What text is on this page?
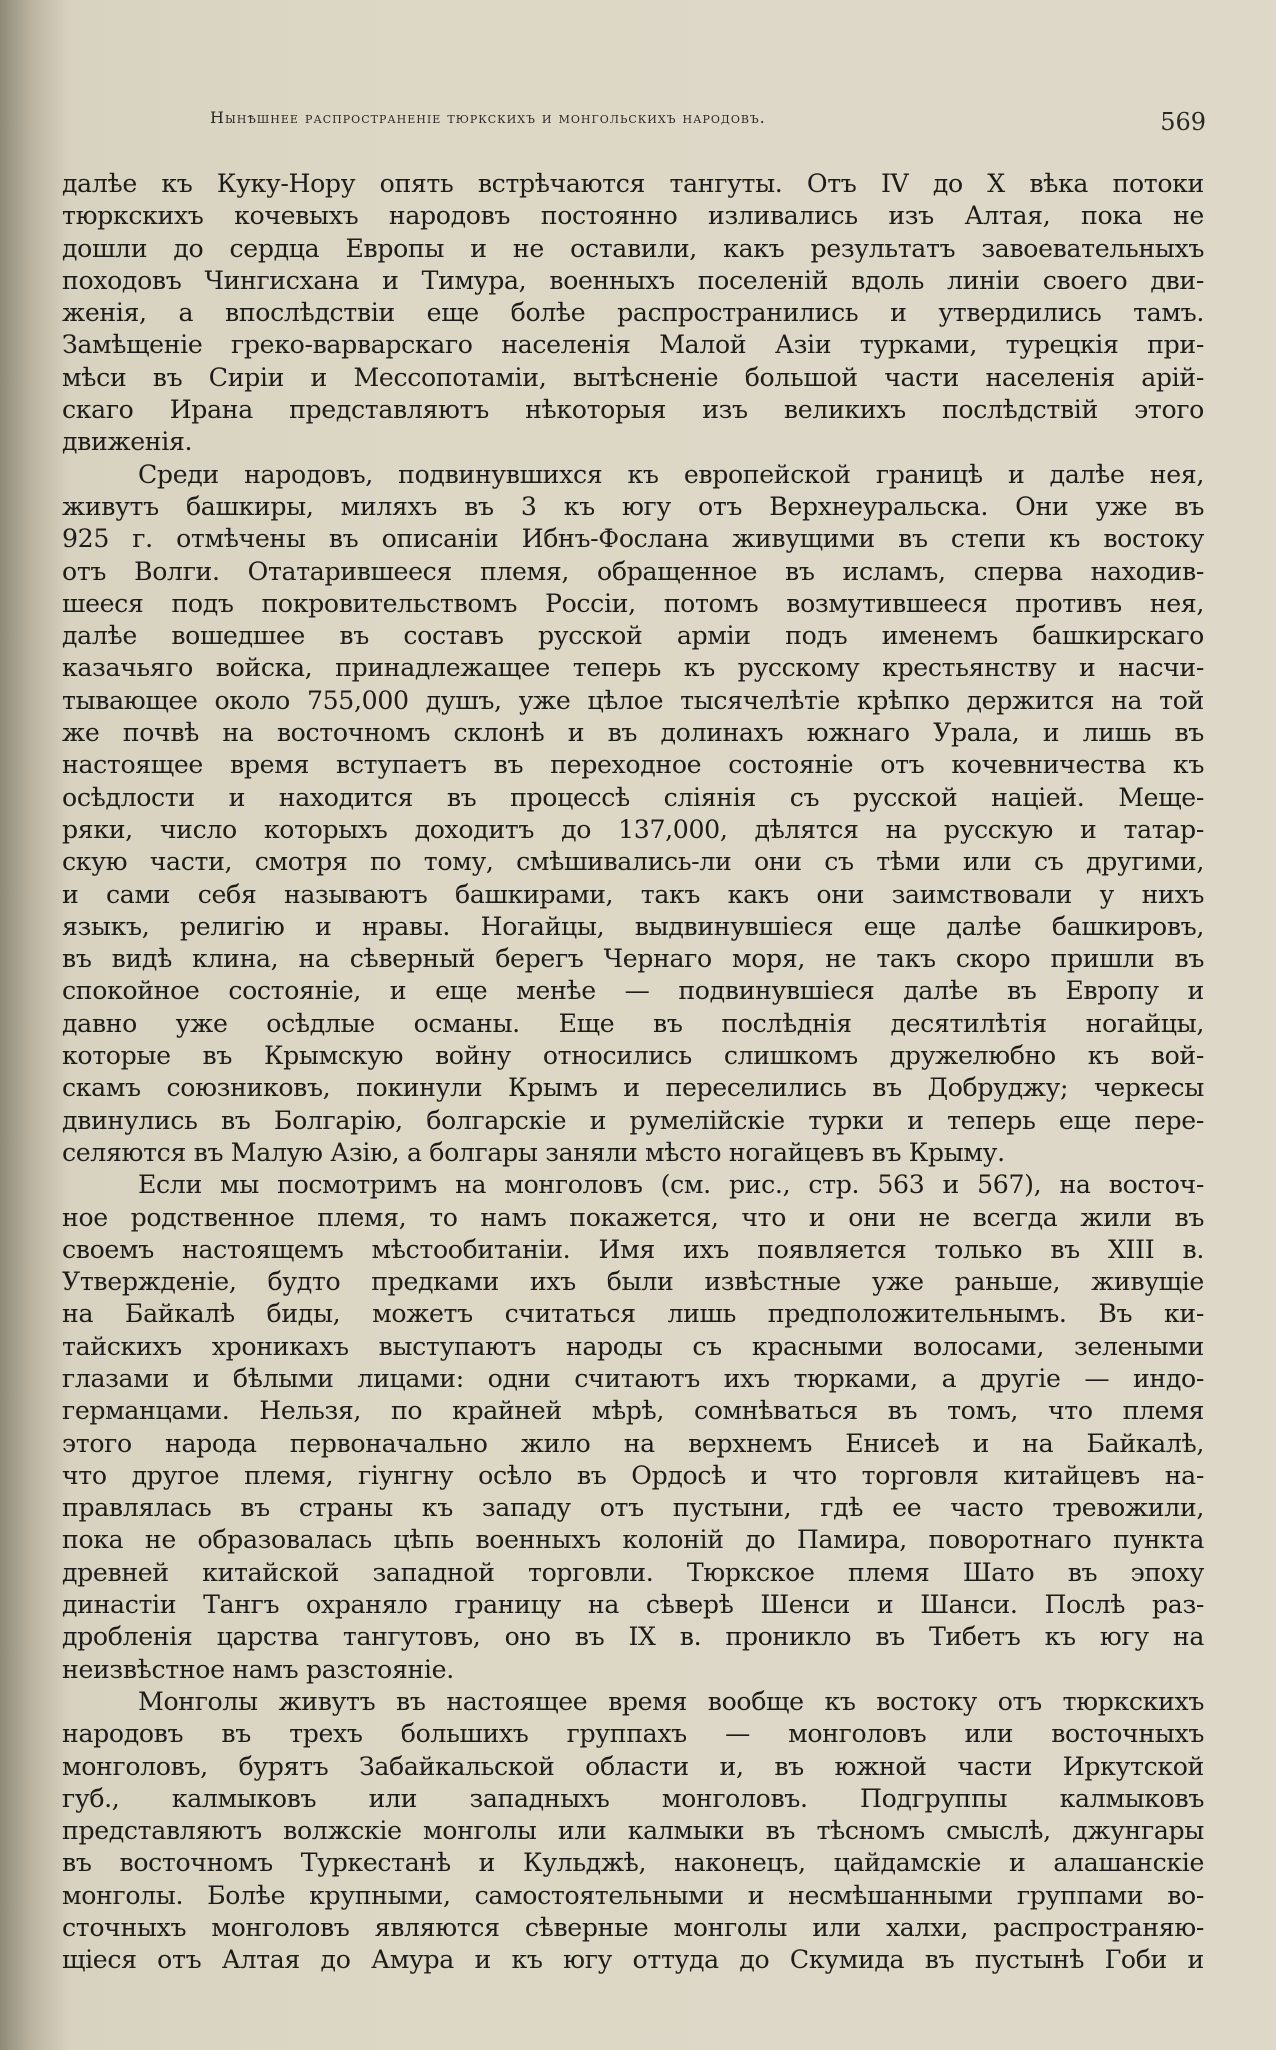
Нынѣшнее распространеніе тюркскихъ и монгольскихъ народовъ.	569
далѣе къ Куку-Нору опять встрѣчаются тангуты. Отъ IV до X вѣка потоки
тюркскихъ кочевыхъ народовъ постоянно изливались изъ Алтая, пока не
дошли до сердца Европы и не оставили, какъ результатъ завоевательныхъ
походовъ Чингисхана и Тимура, военныхъ поселеній вдоль линіи своего дви-
женія, а впослѣдствіи еще болѣе распространились и утвердились тамъ.
Замѣщеніе греко-варварскаго населенія Малой Азіи турками, турецкія при-
мѣси въ Сиріи и Мессопотаміи, вытѣсненіе большой части населенія арій-
скаго Ирана представляютъ нѣкоторыя изъ великихъ послѣдствій этого
движенія.
Среди народовъ, подвинувшихся къ европейской границѣ и далѣе нея,
живутъ башкиры, миляхъ въ 3 къ югу отъ Верхнеуральска. Они уже въ
925 г. отмѣчены въ описаніи Ибнъ-Фослана живущими въ степи къ востоку
отъ Волги. Отатарившееся племя, обращенное въ исламъ, сперва находив-
шееся подъ покровительствомъ Россіи, потомъ возмутившееся противъ нея,
далѣе вошедшее въ составъ русской арміи подъ именемъ башкирскаго
казачьяго войска, принадлежащее теперь къ русскому крестьянству и насчи-
тывающее около 755,000 душъ, уже цѣлое тысячелѣтіе крѣпко держится на той
же почвѣ на восточномъ склонѣ и въ долинахъ южнаго Урала, и лишь въ
настоящее время вступаетъ въ переходное состояніе отъ кочевничества къ
осѣдлости и находится въ процессѣ слiянія съ русской націей. Меще-
ряки, число которыхъ доходитъ до 137,000, дѣлятся на русскую и татар-
скую части, смотря по тому, смѣшивались-ли они съ тѣми или съ другими,
и сами себя называютъ башкирами, такъ какъ они заимствовали у нихъ
языкъ, религію и нравы. Ногайцы, выдвинувшіеся еще далѣе башкировъ,
въ видѣ клина, на сѣверный берегъ Чернаго моря, не такъ скоро пришли въ
спокойное состояніе, и еще менѣе — подвинувшіеся далѣе въ Европу и
давно уже осѣдлые османы. Еще въ послѣднія десятилѣтія ногайцы,
которые въ Крымскую войну относились слишкомъ дружелюбно къ вой-
скамъ союзниковъ, покинули Крымъ и переселились въ Добруджу; черкесы
двинулись въ Болгарію, болгарскіе и румелійскіе турки и теперь еще пере-
селяются въ Малую Азію, а болгары заняли мѣсто ногайцевъ въ Крыму.
Если мы посмотримъ на монголовъ (см. рис., стр. 563 и 567), на восточ-
ное родственное племя, то намъ покажется, что и они не всегда жили въ
своемъ настоящемъ мѣстообитаніи. Имя ихъ появляется только въ XIII в.
Утвержденіе, будто предками ихъ были извѣстные уже раньше, живущіе
на Байкалѣ биды, можетъ считаться лишь предположительнымъ. Въ ки-
тайскихъ хроникахъ выступаютъ народы съ красными волосами, зелеными
глазами и бѣлыми лицами: одни считаютъ ихъ тюрками, а другіе — индо-
германцами. Нельзя, по крайней мѣрѣ, сомнѣваться въ томъ, что племя
этого народа первоначально жило на верхнемъ Енисеѣ и на Байкалѣ,
что другое племя, гіунгну осѣло въ Ордосѣ и что торговля китайцевъ на-
правлялась въ страны къ западу отъ пустыни, гдѣ ее часто тревожили,
пока не образовалась цѣпь военныхъ колоній до Памира, поворотнаго пункта
древней китайской западной торговли. Тюркское племя Шато въ эпоху
династіи Тангъ охраняло границу на сѣверѣ Шенси и Шанси. Послѣ раз-
дробленія царства тангутовъ, оно въ IX в. проникло въ Тибетъ къ югу на
неизвѣстное намъ разстояніе.
Монголы живутъ въ настоящее время вообще къ востоку отъ тюркскихъ
народовъ въ трехъ большихъ группахъ — монголовъ или восточныхъ
монголовъ, бурятъ Забайкальской области и, въ южной части Иркутской
губ., калмыковъ или западныхъ монголовъ. Подгруппы калмыковъ
представляютъ волжскіе монголы или калмыки въ тѣсномъ смыслѣ, джунгары
въ восточномъ Туркестанѣ и Кульджѣ, наконецъ, цайдамскіе и алашанскіе
монголы. Болѣе крупными, самостоятельными и несмѣшанными группами во-
сточныхъ монголовъ являются сѣверные монголы или халхи, распространяю-
щіеся отъ Алтая до Амура и къ югу оттуда до Скумида въ пустынѣ Гоби и
